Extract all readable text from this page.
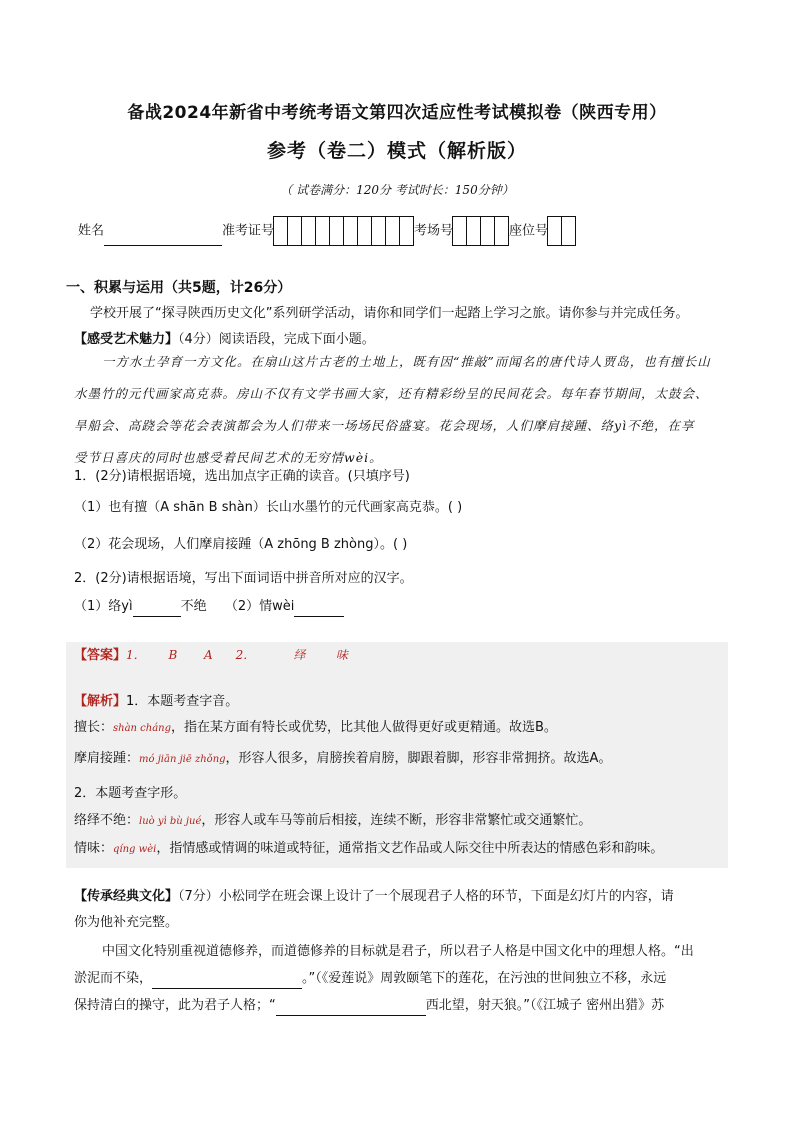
备战2024年新省中考统考语文第四次适应性考试模拟卷（陕西专用）
参考（卷二）模式（解析版）
（ 试卷满分：120分 考试时长：150分钟）
姓名	准考证号	考场号	座位号
一、积累与运用（共5题，计26分）
学校开展了“探寻陕西历史文化”系列研学活动，请你和同学们一起踏上学习之旅。请你参与并完成任务。
【感受艺术魅力】（4分）阅读语段，完成下面小题。
一方水土孕育一方文化。在扇山这片古老的土地上，既有因“推敲”而闻名的唐代诗人贾岛，也有擅长山
水墨竹的元代画家高克恭。房山不仅有文学书画大家，还有精彩纷呈的民间花会。每年春节期间，太鼓会、
旱船会、高跷会等花会表演都会为人们带来一场场民俗盛宴。花会现场，人们摩肩接踵、络yì不绝，在享
受节日喜庆的同时也感受着民间艺术的无穷情wèi。
1．(2分)请根据语境，选出加点字正确的读音。(只填序号)
（1）也有擅（A shān B shàn）长山水墨竹的元代画家高克恭。( )
（2）花会现场，人们摩肩接踵（A zhōng B zhòng）。( )
2．(2分)请根据语境，写出下面词语中拼音所对应的汉字。
（1）络yì	不绝 （2）情wèi
【答案】1．      B       A      2．          绎        味
【解析】1．本题考查字音。
擅长：shàn cháng，指在某方面有特长或优势，比其他人做得更好或更精通。故选B。
摩肩接踵：mó jiān jiē zhǒng，形容人很多，肩膀挨着肩膀，脚跟着脚，形容非常拥挤。故选A。
2．本题考查字形。
络绎不绝：luò yì bù jué，形容人或车马等前后相接，连续不断，形容非常繁忙或交通繁忙。
情味：qíng wèi，指情感或情调的味道或特征，通常指文艺作品或人际交往中所表达的情感色彩和韵味。
【传承经典文化】（7分）小松同学在班会课上设计了一个展现君子人格的环节，下面是幻灯片的内容，请
你为他补充完整。
中国文化特别重视道德修养，而道德修养的目标就是君子，所以君子人格是中国文化中的理想人格。“出
淤泥而不染，	。”（《爱莲说》周敦颐笔下的莲花，在污浊的世间独立不移，永远
保持清白的操守，此为君子人格；“	西北望，射天狼。”（《江城子 密州出猎》苏
